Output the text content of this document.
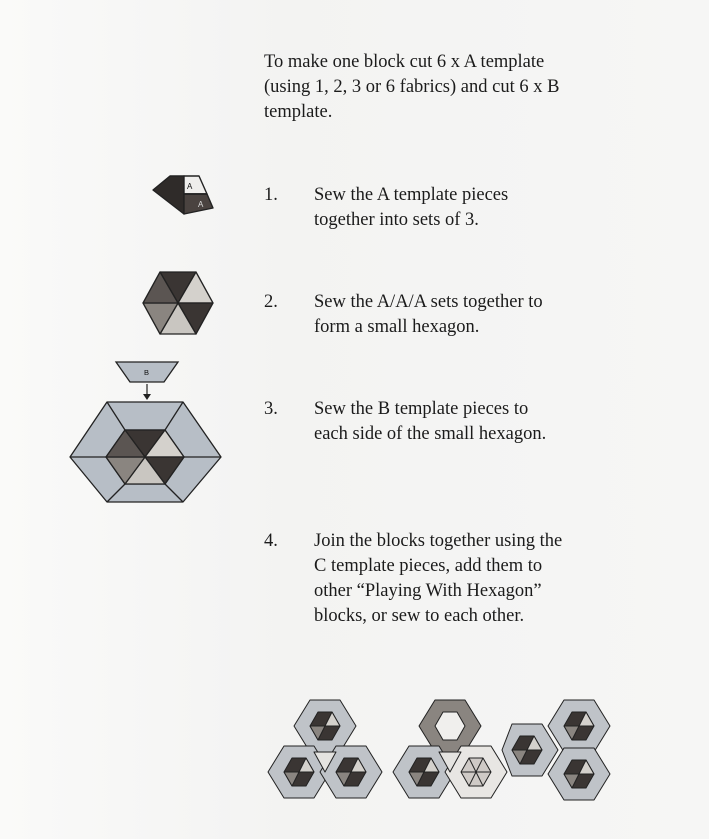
To make one block cut 6 x A template (using 1, 2, 3 or 6 fabrics) and cut 6 x B template.
1.	Sew the A template pieces together into sets of 3.
2.	Sew the A/A/A sets together to form a small hexagon.
3.	Sew the B template pieces to each side of the small hexagon.
4.	Join the blocks together using the C template pieces, add them to other “Playing With Hexagon” blocks, or sew to each other.
A
A
B
